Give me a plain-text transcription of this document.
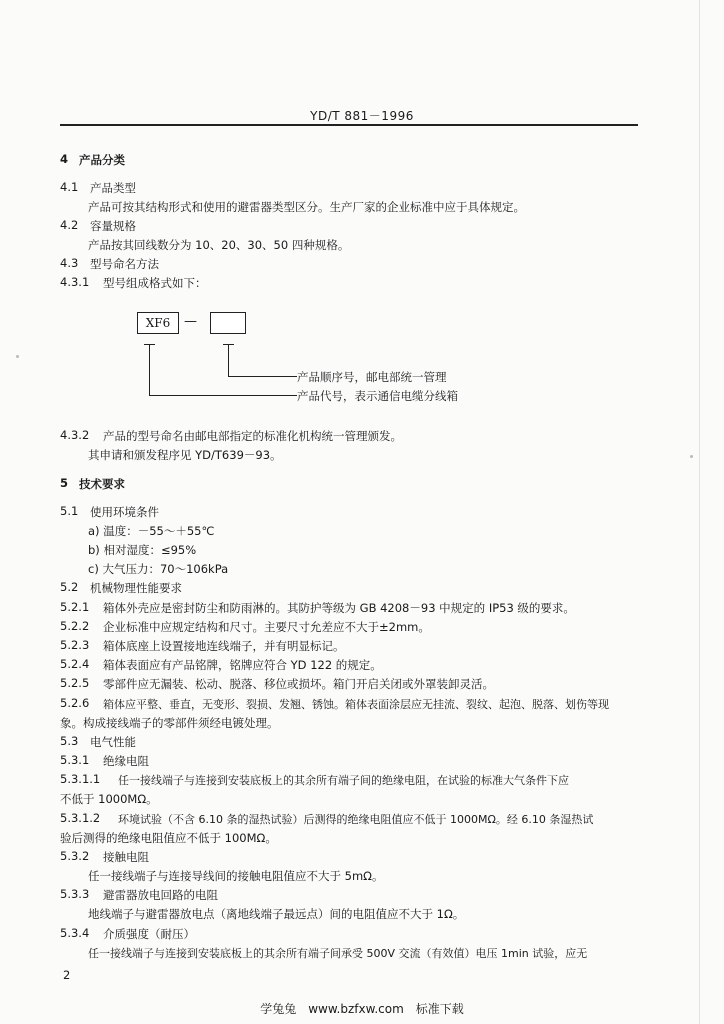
YD/T 881－1996
4 产品分类
4.1 产品类型
产品可按其结构形式和使用的避雷器类型区分。生产厂家的企业标准中应于具体规定。
4.2 容量规格
产品按其回线数分为 10、20、30、50 四种规格。
4.3 型号命名方法
4.3.1 型号组成格式如下：
XF6	—
产品顺序号，邮电部统一管理
产品代号，表示通信电缆分线箱
4.3.2 产品的型号命名由邮电部指定的标准化机构统一管理颁发。
其申请和颁发程序见 YD/T639－93。
5 技术要求
5.1 使用环境条件
a) 温度：－55～＋55℃
b) 相对湿度：≤95%
c) 大气压力：70～106kPa
5.2 机械物理性能要求
5.2.1 箱体外壳应是密封防尘和防雨淋的。其防护等级为 GB 4208－93 中规定的 IP53 级的要求。
5.2.2 企业标准中应规定结构和尺寸。主要尺寸允差应不大于±2mm。
5.2.3 箱体底座上设置接地连线端子，并有明显标记。
5.2.4 箱体表面应有产品铭牌，铭牌应符合 YD 122 的规定。
5.2.5 零部件应无漏装、松动、脱落、移位或损坏。箱门开启关闭或外罩装卸灵活。
5.2.6 箱体应平整、垂直，无变形、裂损、发翘、锈蚀。箱体表面涂层应无挂流、裂纹、起泡、脱落、划伤等现
象。构成接线端子的零部件须经电镀处理。
5.3 电气性能
5.3.1 绝缘电阻
5.3.1.1 任一接线端子与连接到安装底板上的其余所有端子间的绝缘电阻，在试验的标准大气条件下应
不低于 1000MΩ。
5.3.1.2 环境试验（不含 6.10 条的湿热试验）后测得的绝缘电阻值应不低于 1000MΩ。经 6.10 条湿热试
验后测得的绝缘电阻值应不低于 100MΩ。
5.3.2 接触电阻
任一接线端子与连接导线间的接触电阻值应不大于 5mΩ。
5.3.3 避雷器放电回路的电阻
地线端子与避雷器放电点（离地线端子最远点）间的电阻值应不大于 1Ω。
5.3.4 介质强度（耐压）
任一接线端子与连接到安装底板上的其余所有端子间承受 500V 交流（有效值）电压 1min 试验，应无
2
学兔兔　www.bzfxw.com　标准下载
